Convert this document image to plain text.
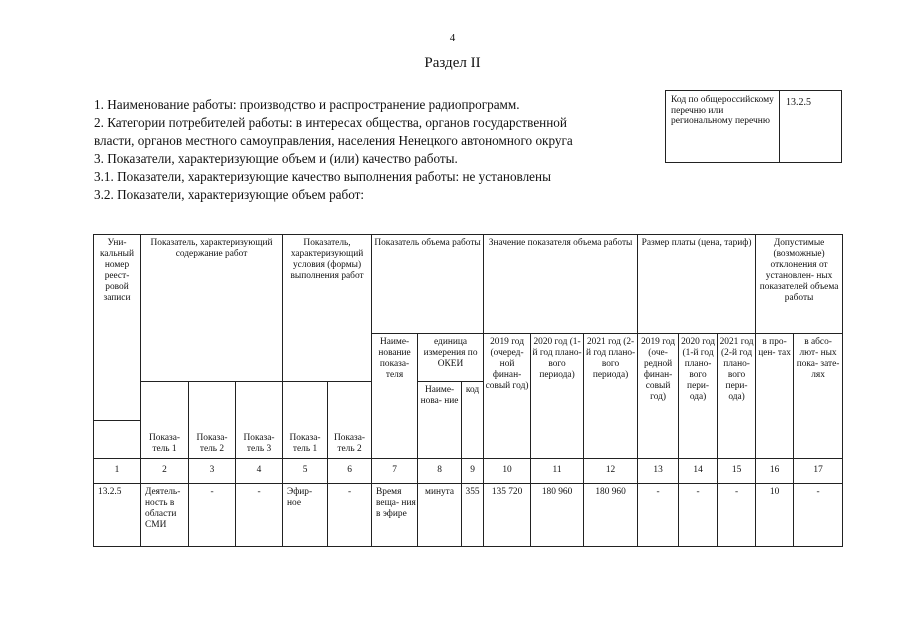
4
Раздел II
1. Наименование работы: производство и распространение радиопрограмм.
2. Категории потребителей работы: в интересах общества, органов государственной
власти, органов местного самоуправления, населения Ненецкого автономного округа
3. Показатели, характеризующие объем и (или) качество работы.
3.1. Показатели, характеризующие качество выполнения работы: не установлены
3.2. Показатели, характеризующие объем работ:
Код по общероссийскому перечню или региональному перечню
13.2.5
Уни- кальный номер реест- ровой записи	Показатель, характеризующий содержание работ			Показатель, характеризующий условия (формы) выполнения работ		Показатель объема работы			Значение показателя объема работы			Размер платы (цена, тариф)			Допустимые (возможные) отклонения от установлен- ных показателей объема работы	
						Наиме- нование показа- теля	единица измерения по ОКЕИ		2019 год (очеред- ной финан- совый год)	2020 год (1-й год плано- вого периода)	2021 год (2-й год плано- вого периода)	2019 год (оче- редной финан- совый год)	2020 год (1-й год плано- вого пери- ода)	2021 год (2-й год плано- вого пери- ода)	в про- цен- тах	в абсо- лют- ных пока- зате- лях
	Показа- тель 1	Показа- тель 2	Показа- тель 3	Показа- тель 1	Показа- тель 2		Наиме- нова- ние	код								

1	2	3	4	5	6	7	8	9	10	11	12	13	14	15	16	17
13.2.5	Деятель- ность в области СМИ	-	-	Эфир- ное	-	Время веща- ния в эфире	минута	355	135 720	180 960	180 960	-	-	-	10	-
